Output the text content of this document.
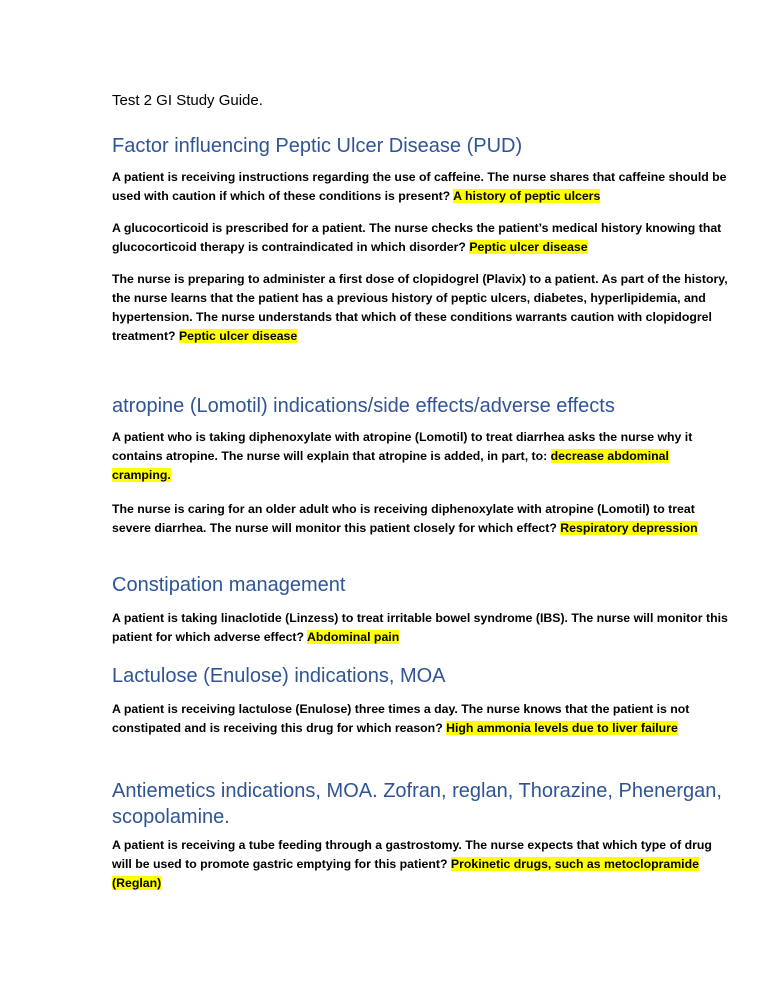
Test 2 GI Study Guide.
Factor influencing Peptic Ulcer Disease (PUD)
A patient is receiving instructions regarding the use of caffeine. The nurse shares that caffeine should be used with caution if which of these conditions is present? A history of peptic ulcers
A glucocorticoid is prescribed for a patient. The nurse checks the patient’s medical history knowing that glucocorticoid therapy is contraindicated in which disorder? Peptic ulcer disease
The nurse is preparing to administer a first dose of clopidogrel (Plavix) to a patient. As part of the history, the nurse learns that the patient has a previous history of peptic ulcers, diabetes, hyperlipidemia, and hypertension. The nurse understands that which of these conditions warrants caution with clopidogrel treatment? Peptic ulcer disease
atropine (Lomotil) indications/side effects/adverse effects
A patient who is taking diphenoxylate with atropine (Lomotil) to treat diarrhea asks the nurse why it contains atropine. The nurse will explain that atropine is added, in part, to: decrease abdominal cramping.
The nurse is caring for an older adult who is receiving diphenoxylate with atropine (Lomotil) to treat severe diarrhea. The nurse will monitor this patient closely for which effect? Respiratory depression
Constipation management
A patient is taking linaclotide (Linzess) to treat irritable bowel syndrome (IBS). The nurse will monitor this patient for which adverse effect? Abdominal pain
Lactulose (Enulose) indications, MOA
A patient is receiving lactulose (Enulose) three times a day. The nurse knows that the patient is not constipated and is receiving this drug for which reason? High ammonia levels due to liver failure
Antiemetics indications, MOA. Zofran, reglan, Thorazine, Phenergan, scopolamine.
A patient is receiving a tube feeding through a gastrostomy. The nurse expects that which type of drug will be used to promote gastric emptying for this patient? Prokinetic drugs, such as metoclopramide (Reglan)
